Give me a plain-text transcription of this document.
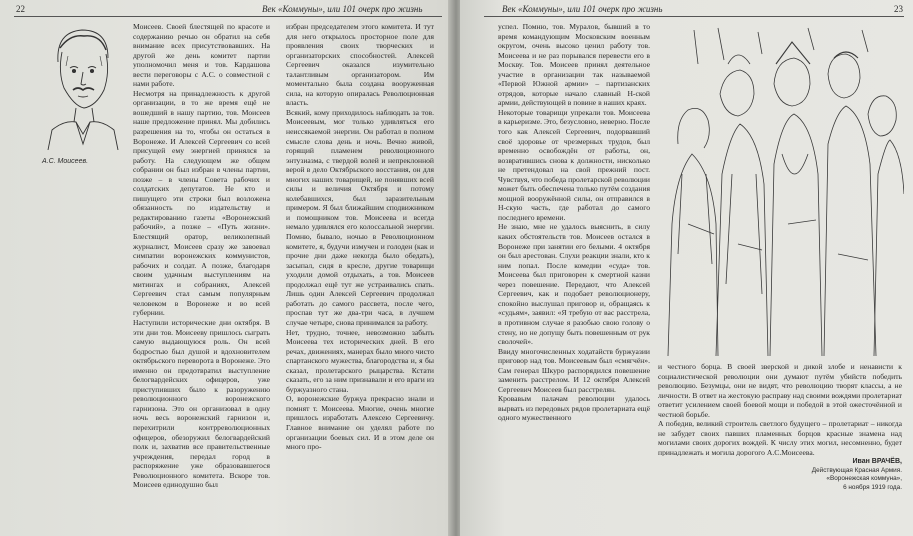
22	Век «Коммуны», или 101 очерк про жизнь
А.С. Моисеев.
Моисеев. Своей блестящей по красоте и содержанию речью он обратил на себя внимание всех присутствовавших. На другой же день комитет партии уполномочил меня и тов. Кардашова вести переговоры с А.С. о совместной с нами работе.
Несмотря на принадлежность к другой организации, в то же время ещё не вошедший в нашу партию, тов. Моисеев наше предложение принял. Мы добились разрешения на то, чтобы он остаться в Воронеже. И Алексей Сергеевич со всей присущей ему энергией принялся за работу. На следующем же общем собрании он был избран в члены партии, позже – в члены Совета рабочих и солдатских депутатов. Не кто и пишущего эти строки был возложена обязанность по издательству и редактированию газеты «Воронежский рабочий», а позже – «Путь жизни». Блестящий оратор, великолепный журналист, Моисеев сразу же завоевал симпатии воронежских коммунистов, рабочих и солдат. А позже, благодаря своим удачным выступлениям на митингах и собраниях, Алексей Сергеевич стал самым популярным человеком в Воронеже и во всей губернии.
Наступили исторические дни октября. В эти дни тов. Моисееву пришлось сыграть самую выдающуюся роль. Он всей бодростью был душой и вдохновителем октябрьского переворота в Воронеже. Это именно он предотвратил выступление белогвардейских офицеров, уже приступивших было к разоружению революционного воронежского гарнизона. Это он организовал в одну ночь весь воронежский гарнизон и, перехитрили контрреволюционных офицеров, обезоружил белогвардейский полк и, захватив все правительственные учреждения, передал город в распоряжение уже образовавшегося Революционного комитета. Вскоре тов. Моисеев единодушно был
избран председателем этого комитета. И тут для него открылось просторное поле для проявления своих творческих и организаторских способностей. Алексей Сергеевич оказался изумительно талантливым организатором. Им моментально была создана вооруженная сила, на которую опиралась Революционная власть.
Всякий, кому приходилось наблюдать за тов. Моисеевым, мог только удивляться его неиссякаемой энергии. Он работал в полном смысле слова день и ночь. Вечно живой, горящий пламенем революционного энтузиазма, с твердой волей и непреклонной верой в дело Октябрьского восстания, он для многих наших товарищей, не понявших всей силы и величия Октября и потому колебавшихся, был заразительным примером. Я был ближайшим сподвижником и помощником тов. Моисеева и всегда немало удивлялся его колоссальной энергии. Помню, бывало, ночью в Революционном комитете, я, будучи измучен и голоден (как и прочие дни даже некогда было обедать), засыпал, сидя в кресле, другие товарищи уходили домой отдыхать, а тов. Моисеев продолжал ещё тут же устраивались спать. Лишь один Алексей Сергеевич продолжал работать до самого рассвета, после чего, проспав тут же два-три часа, в лучшем случае четыре, снова принимался за работу.
Нет, трудно, точнее, невозможно забыть Моисеева тех исторических дней. В его речах, движениях, манерах было много чисто спартанского мужества, благородства и, я бы сказал, пролетарского рыцарства. Кстати сказать, его за ним признавали и его враги из буржуазного стана.
О, воронежские буржуа прекрасно знали и помнят т. Моисеева. Многие, очень многие пришлось изработать Алексею Сергеевичу. Главное внимание он уделял работе по организации боевых сил. И в этом деле он много про-
Век «Коммуны», или 101 очерк про жизнь	23
успел. Помню, тов. Муралов, бывший в то время командующим Московским военным округом, очень высоко ценил работу тов. Моисеева и не раз порывался перевести его в Москву. Тов. Моисеев принял деятельное участие в организации так называемой «Первой Южной армии» – партизанских отрядов, которые начало славный Н-ской армии, действующей в повине в наших краях.
Некоторые товарищи упрекали тов. Моисеева в карьеризме. Это, безусловно, неверно. После того как Алексей Сергеевич, подорвавший своё здоровье от чрезмерных трудов, был временно освобождён от работы, он, возвратившись снова к должности, нисколько не претендовал на свой прежний пост. Чувствуя, что победа пролетарской революции может быть обеспечена только путём создания мощной вооружённой силы, он отправился в Н-скую часть, где работал до самого последнего времени.
Не знаю, мне не удалось выяснить, в силу каких обстоятельств тов. Моисеев остался в Воронеже при занятии его белыми. 4 октября он был арестован. Слухи реакции знали, кто к ним попал. После комедии «суда» тов. Моисеева был приговорен к смертной казни через повешение. Передают, что Алексей Сергеевич, как и подобает революционеру, спокойно выслушал приговор и, обращаясь к «судьям», заявил: «Я требую от вас расстрела, в противном случае я разобью свою голову о стену, но не допущу быть повешенным от рук сволочей».
Ввиду многочисленных ходатайств буржуазии приговор над тов. Моисеевым был «смягчён». Сам генерал Шкуро распорядился повешение заменить расстрелом. И 12 октября Алексей Сергеевич Моисеев был расстрелян.
Кровавым палачам революции удалось вырвать из передовых рядов пролетариата ещё одного мужественного
и честного борца. В своей зверской и дикой злобе и ненависти к социалистической революции они думают путём убийств победить революцию. Безумцы, они не видят, что революцию творят классы, а не личности. В ответ на жестокую расправу над своими вождями пролетариат ответит усилением своей боевой мощи и победой в этой ожесточённой и честной борьбе.
А победив, великий строитель светлого будущего – пролетариат – никогда не забудет своих павших пламенных борцов красные знамена над могилами своих дорогих вождей. К числу этих могил, несомненно, будет принадлежать и могила дорогого А.С.Моисеева.
Иван ВРАЧЁВ,
Действующая Красная Армия.
«Воронежская коммуна»,
6 ноября 1919 года.
